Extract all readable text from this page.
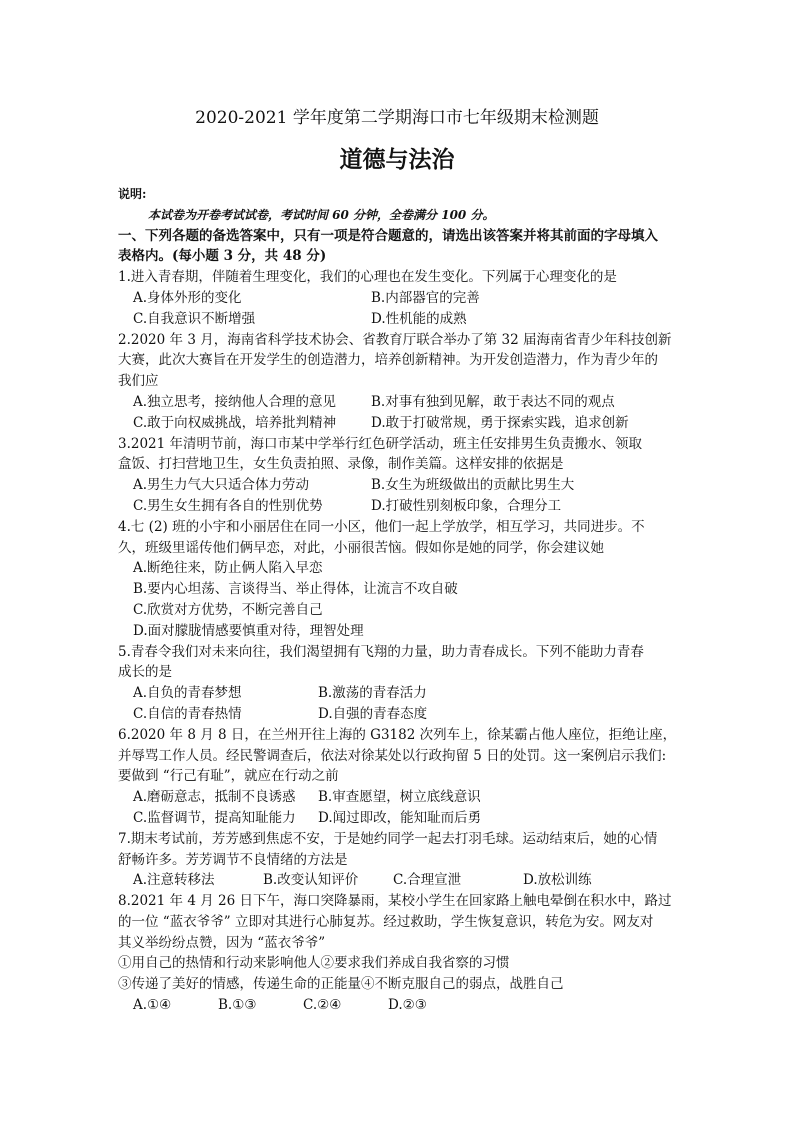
2020-2021 学年度第二学期海口市七年级期末检测题
道德与法治
说明:
本试卷为开卷考试试卷，考试时间 60 分钟，全卷满分 100 分。
一、下列各题的备选答案中，只有一项是符合题意的，请选出该答案并将其前面的字母填入
表格内。(每小题 3 分，共 48 分)
1.进入青春期，伴随着生理变化，我们的心理也在发生变化。下列属于心理变化的是
A.身体外形的变化	B.内部器官的完善
C.自我意识不断增强	D.性机能的成熟
2.2020 年 3 月，海南省科学技术协会、省教育厅联合举办了第 32 届海南省青少年科技创新
大赛，此次大赛旨在开发学生的创造潜力，培养创新精神。为开发创造潜力，作为青少年的
我们应
A.独立思考，接纳他人合理的意见	B.对事有独到见解，敢于表达不同的观点
C.敢于向权威挑战，培养批判精神	D.敢于打破常规，勇于探索实践，追求创新
3.2021 年清明节前，海口市某中学举行红色研学活动，班主任安排男生负责搬水、领取
盒饭、打扫营地卫生，女生负责拍照、录像，制作美篇。这样安排的依据是
A.男生力气大只适合体力劳动	B.女生为班级做出的贡献比男生大
C.男生女生拥有各自的性别优势	D.打破性别刻板印象，合理分工
4.七 (2) 班的小宇和小丽居住在同一小区，他们一起上学放学，相互学习，共同进步。不
久，班级里谣传他们俩早恋，对此，小丽很苦恼。假如你是她的同学，你会建议她
A.断绝往来，防止俩人陷入早恋
B.要内心坦荡、言谈得当、举止得体，让流言不攻自破
C.欣赏对方优势，不断完善自己
D.面对朦胧情感要慎重对待，理智处理
5.青春令我们对未来向往，我们渴望拥有飞翔的力量，助力青春成长。下列不能助力青春
成长的是
A.自负的青春梦想	B.激荡的青春活力
C.自信的青春热情	D.自强的青春态度
6.2020 年 8 月 8 日，在兰州开往上海的 G3182 次列车上，徐某霸占他人座位，拒绝让座，
并辱骂工作人员。经民警调查后，依法对徐某处以行政拘留 5 日的处罚。这一案例启示我们:
要做到 “行己有耻”，就应在行动之前
A.磨砺意志，抵制不良诱惑	B.审查愿望，树立底线意识
C.监督调节，提高知耻能力	D.闻过即改，能知耻而后勇
7.期末考试前，芳芳感到焦虑不安，于是她约同学一起去打羽毛球。运动结束后，她的心情
舒畅许多。芳芳调节不良情绪的方法是
A.注意转移法	B.改变认知评价	C.合理宣泄	D.放松训练
8.2021 年 4 月 26 日下午，海口突降暴雨，某校小学生在回家路上触电晕倒在积水中，路过
的一位 “蓝衣爷爷” 立即对其进行心肺复苏。经过救助，学生恢复意识，转危为安。网友对
其义举纷纷点赞，因为 “蓝衣爷爷”
①用自己的热情和行动来影响他人②要求我们养成自我省察的习惯
③传递了美好的情感，传递生命的正能量④不断克服自己的弱点，战胜自己
A.①④	B.①③	C.②④	D.②③
